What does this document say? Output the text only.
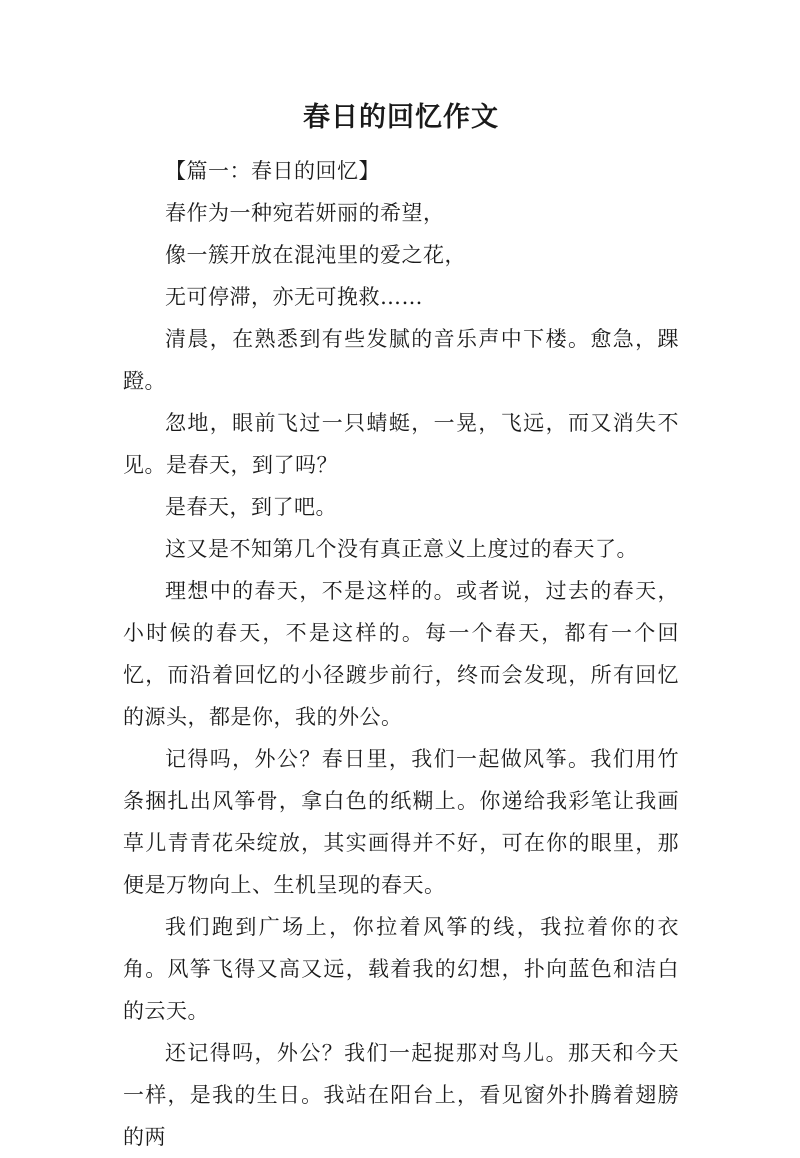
春日的回忆作文

【篇一：春日的回忆】

春作为一种宛若妍丽的希望，

像一簇开放在混沌里的爱之花，

无可停滞，亦无可挽救……

清晨，在熟悉到有些发腻的音乐声中下楼。愈急，踝蹬。

忽地，眼前飞过一只蜻蜓，一晃，飞远，而又消失不见。是春天，到了吗？

是春天，到了吧。

这又是不知第几个没有真正意义上度过的春天了。

理想中的春天，不是这样的。或者说，过去的春天，小时候的春天，不是这样的。每一个春天，都有一个回忆，而沿着回忆的小径踱步前行，终而会发现，所有回忆的源头，都是你，我的外公。

记得吗，外公？春日里，我们一起做风筝。我们用竹条捆扎出风筝骨，拿白色的纸糊上。你递给我彩笔让我画草儿青青花朵绽放，其实画得并不好，可在你的眼里，那便是万物向上、生机呈现的春天。

我们跑到广场上，你拉着风筝的线，我拉着你的衣角。风筝飞得又高又远，载着我的幻想，扑向蓝色和洁白的云天。

还记得吗，外公？我们一起捉那对鸟儿。那天和今天一样，是我的生日。我站在阳台上，看见窗外扑腾着翅膀的两
